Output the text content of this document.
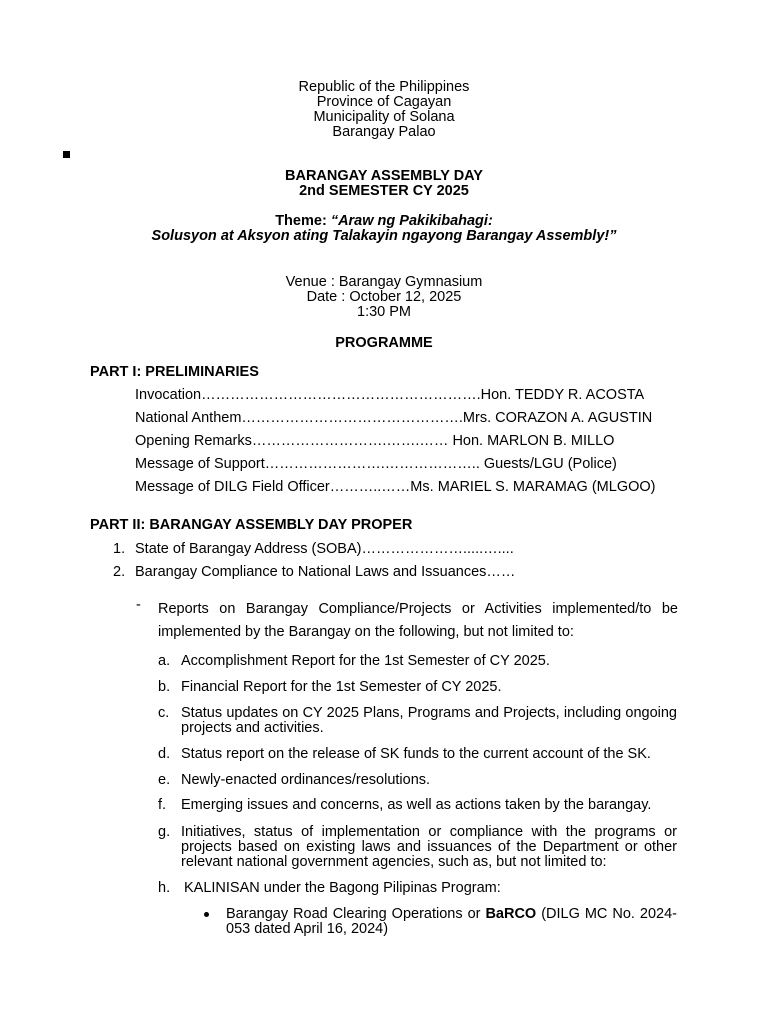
Republic of the Philippines
Province of Cagayan
Municipality of Solana
Barangay Palao
BARANGAY ASSEMBLY DAY
2nd SEMESTER CY 2025
Theme: “Araw ng Pakikibahagi:
Solusyon at Aksyon ating Talakayin ngayong Barangay Assembly!”
Venue : Barangay Gymnasium
Date : October 12, 2025
1:30 PM
PROGRAMME
PART I: PRELIMINARIES
Invocation………………………………………………….Hon. TEDDY R. ACOSTA
National Anthem……………………………………….Mrs. CORAZON A. AGUSTIN
Opening Remarks……………………….…….…… Hon. MARLON B. MILLO
Message of Support…………………….……………….. Guests/LGU (Police)
Message of DILG Field Officer………..……Ms. MARIEL S. MARAMAG (MLGOO)
PART II: BARANGAY ASSEMBLY DAY PROPER
1. State of Barangay Address (SOBA)………………….....…....
2. Barangay Compliance to National Laws and Issuances……
- Reports on Barangay Compliance/Projects or Activities implemented/to be implemented by the Barangay on the following, but not limited to:
a. Accomplishment Report for the 1st Semester of CY 2025.
b. Financial Report for the 1st Semester of CY 2025.
c. Status updates on CY 2025 Plans, Programs and Projects, including ongoing projects and activities.
d. Status report on the release of SK funds to the current account of the SK.
e. Newly-enacted ordinances/resolutions.
f. Emerging issues and concerns, as well as actions taken by the barangay.
g. Initiatives, status of implementation or compliance with the programs or projects based on existing laws and issuances of the Department or other relevant national government agencies, such as, but not limited to:
h. KALINISAN under the Bagong Pilipinas Program:
Barangay Road Clearing Operations or BaRCO (DILG MC No. 2024-053 dated April 16, 2024)
